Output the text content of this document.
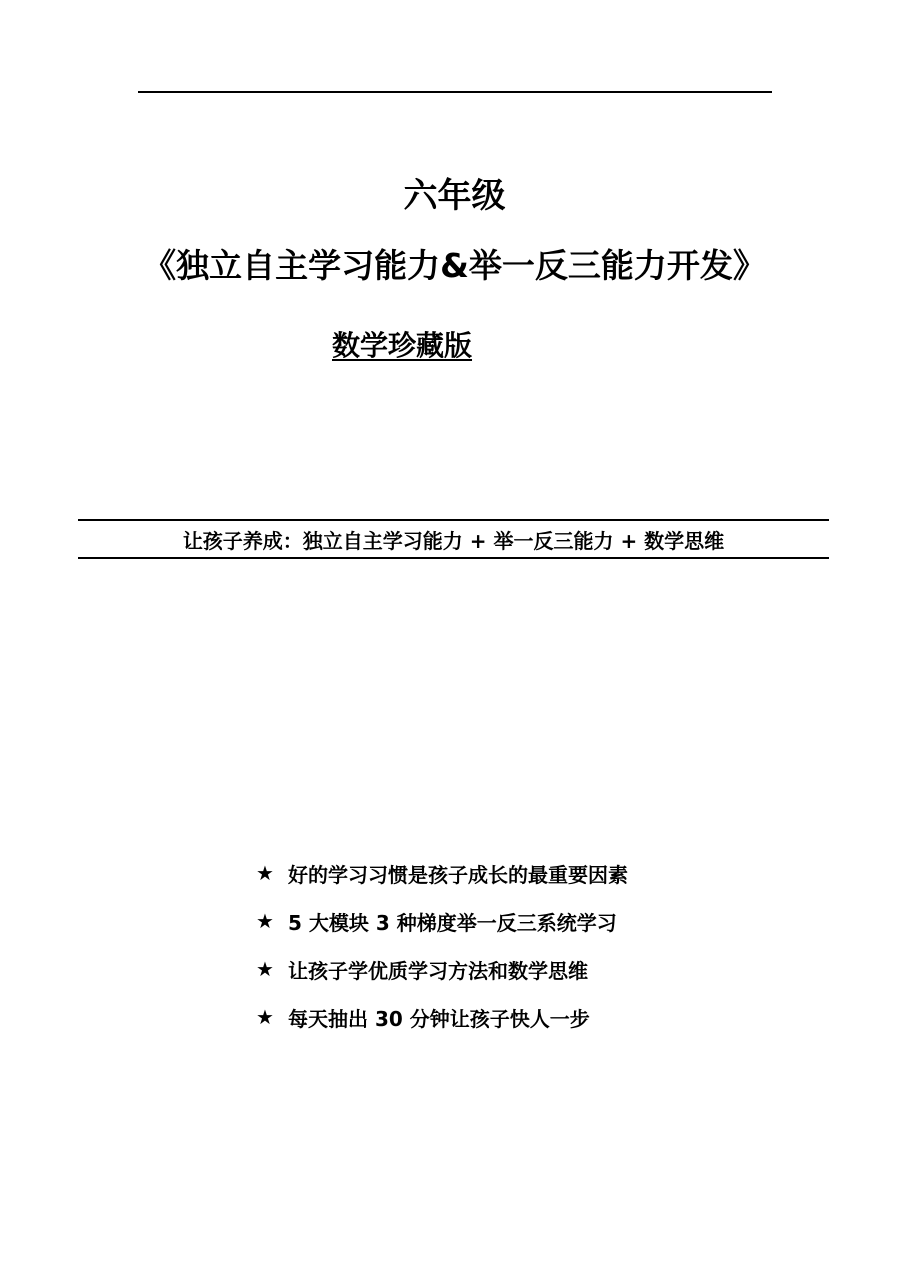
六年级
《独立自主学习能力&举一反三能力开发》
数学珍藏版
让孩子养成：独立自主学习能力 + 举一反三能力 + 数学思维
★ 好的学习习惯是孩子成长的最重要因素
★ 5 大模块 3 种梯度举一反三系统学习
★ 让孩子学优质学习方法和数学思维
★ 每天抽出 30 分钟让孩子快人一步
